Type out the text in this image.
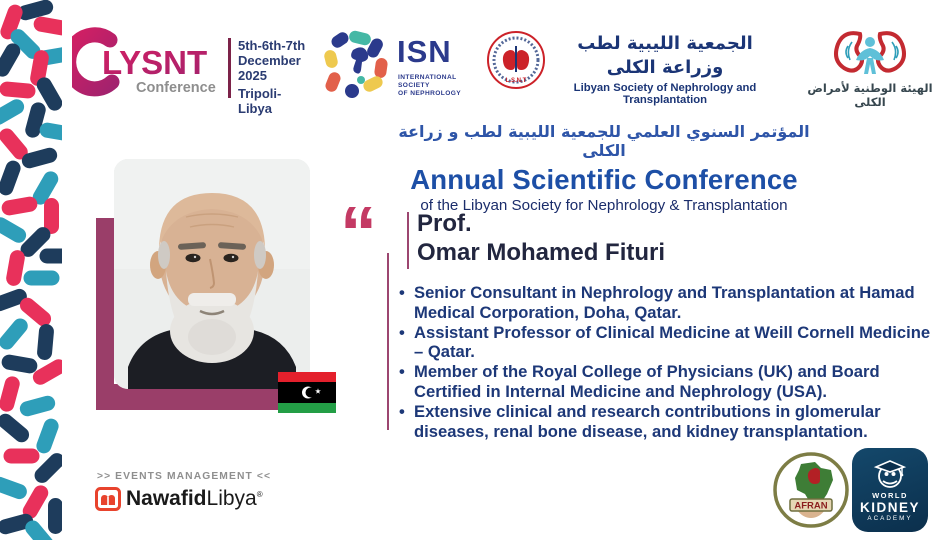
LYSNT
Conference
5th-6th-7th
December
2025
Tripoli-Libya
ISN
INTERNATIONAL SOCIETY
OF NEPHROLOGY
L.S.N.T
الجمعية الليبية لطب وزراعة الكلى
Libyan Society of Nephrology and Transplantation
الهيئة الوطنية لأمراض الكلى
المؤتمر السنوي العلمي للجمعية الليبية لطب و زراعة الكلى
Annual Scientific Conference
of the Libyan Society for Nephrology & Transplantation
“ Prof.
Omar Mohamed Fituri
• Senior Consultant in Nephrology and Transplantation at Hamad Medical Corporation, Doha, Qatar.
• Assistant Professor of Clinical Medicine at Weill Cornell Medicine – Qatar.
• Member of the Royal College of Physicians (UK) and Board Certified in Internal Medicine and Nephrology (USA).
• Extensive clinical and research contributions in glomerular diseases, renal bone disease, and kidney transplantation.
>> EVENTS MANAGEMENT <<
NawafidLibya®
AFRAN
WORLD
KIDNEY
ACADEMY
